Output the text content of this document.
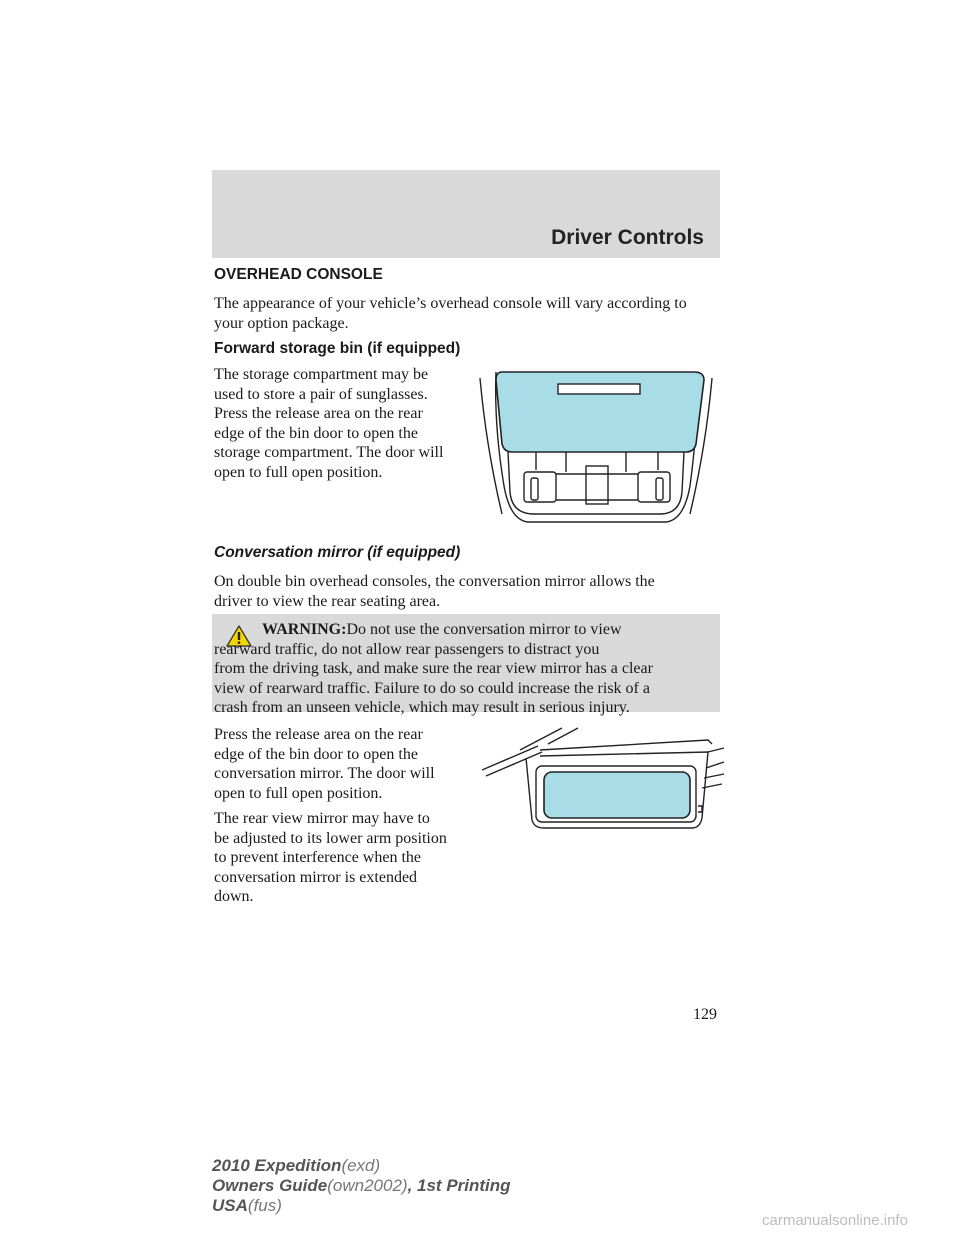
Driver Controls
OVERHEAD CONSOLE

The appearance of your vehicle’s overhead console will vary according to
your option package.

Forward storage bin (if equipped)

The storage compartment may be
used to store a pair of sunglasses.
Press the release area on the rear
edge of the bin door to open the
storage compartment. The door will
open to full open position.

Conversation mirror (if equipped)

On double bin overhead consoles, the conversation mirror allows the
driver to view the rear seating area.

WARNING:Do not use the conversation mirror to view
rearward traffic, do not allow rear passengers to distract you
from the driving task, and make sure the rear view mirror has a clear
view of rearward traffic. Failure to do so could increase the risk of a
crash from an unseen vehicle, which may result in serious injury.

Press the release area on the rear
edge of the bin door to open the
conversation mirror. The door will
open to full open position.

The rear view mirror may have to
be adjusted to its lower arm position
to prevent interference when the
conversation mirror is extended
down.

129

2010 Expedition(exd)
Owners Guide(own2002), 1st Printing
USA(fus)

carmanualsonline.info
